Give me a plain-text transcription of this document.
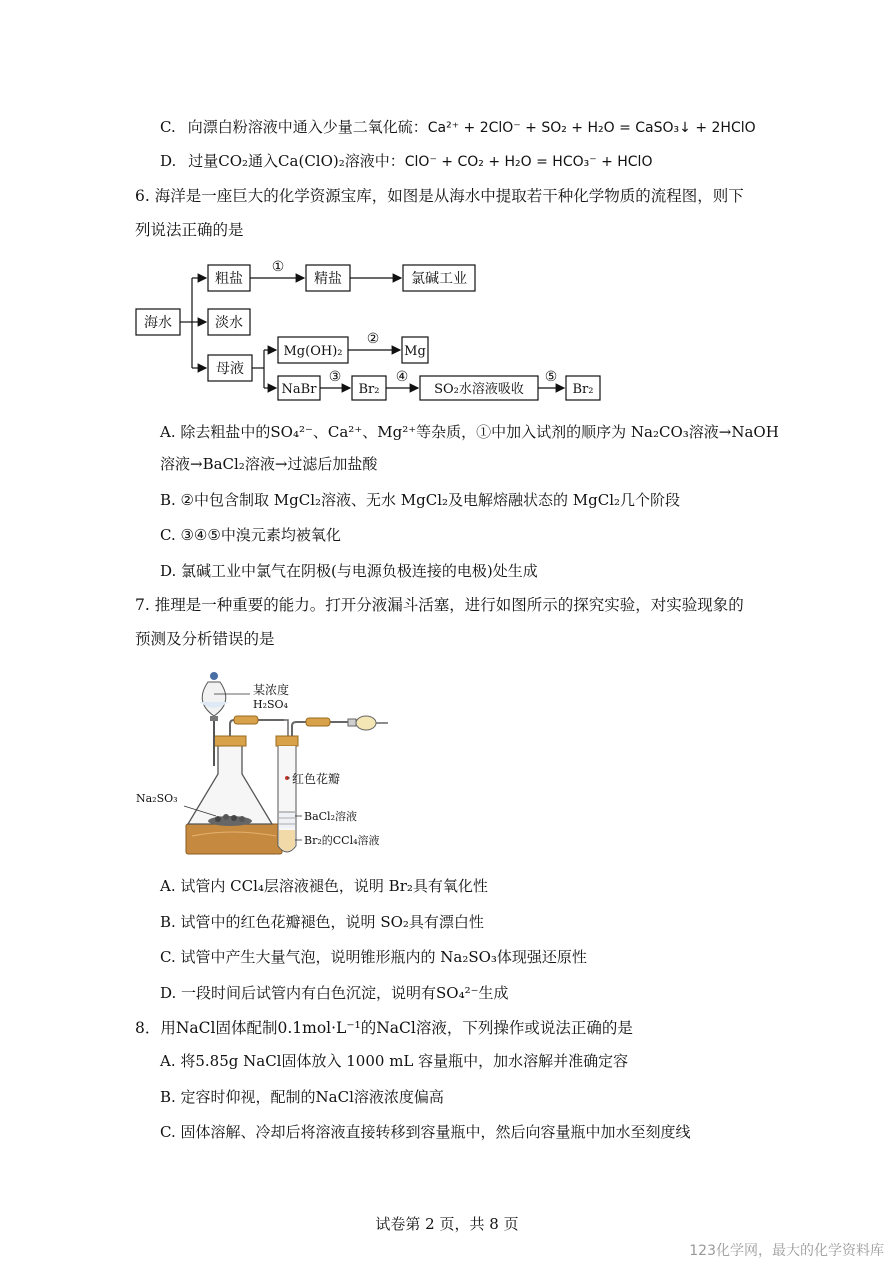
C. 向漂白粉溶液中通入少量二氧化硫：Ca²⁺ + 2ClO⁻ + SO₂ + H₂O = CaSO₃↓ + 2HClO
D. 过量CO₂通入Ca(ClO)₂溶液中：ClO⁻ + CO₂ + H₂O = HCO₃⁻ + HClO
6. 海洋是一座巨大的化学资源宝库，如图是从海水中提取若干种化学物质的流程图，则下
列说法正确的是
海水
粗盐	精盐	氯碱工业
淡水
母液
Mg(OH)₂	Mg
NaBr	Br₂	SO₂水溶液吸收	Br₂
①
②
③	④	⑤
A. 除去粗盐中的SO₄²⁻、Ca²⁺、Mg²⁺等杂质，①中加入试剂的顺序为 Na₂CO₃溶液→NaOH
溶液→BaCl₂溶液→过滤后加盐酸
B. ②中包含制取 MgCl₂溶液、无水 MgCl₂及电解熔融状态的 MgCl₂几个阶段
C. ③④⑤中溴元素均被氧化
D. 氯碱工业中氯气在阴极(与电源负极连接的电极)处生成
7. 推理是一种重要的能力。打开分液漏斗活塞，进行如图所示的探究实验，对实验现象的
预测及分析错误的是
某浓度
H₂SO₄
Na₂SO₃
红色花瓣
BaCl₂溶液
Br₂的CCl₄溶液
A. 试管内 CCl₄层溶液褪色，说明 Br₂具有氧化性
B. 试管中的红色花瓣褪色，说明 SO₂具有漂白性
C. 试管中产生大量气泡，说明锥形瓶内的 Na₂SO₃体现强还原性
D. 一段时间后试管内有白色沉淀，说明有SO₄²⁻生成
8．用NaCl固体配制0.1mol·L⁻¹的NaCl溶液，下列操作或说法正确的是
A. 将5.85g NaCl固体放入 1000 mL 容量瓶中，加水溶解并准确定容
B. 定容时仰视，配制的NaCl溶液浓度偏高
C. 固体溶解、冷却后将溶液直接转移到容量瓶中，然后向容量瓶中加水至刻度线
试卷第 2 页，共 8 页
123化学网，最大的化学资料库
